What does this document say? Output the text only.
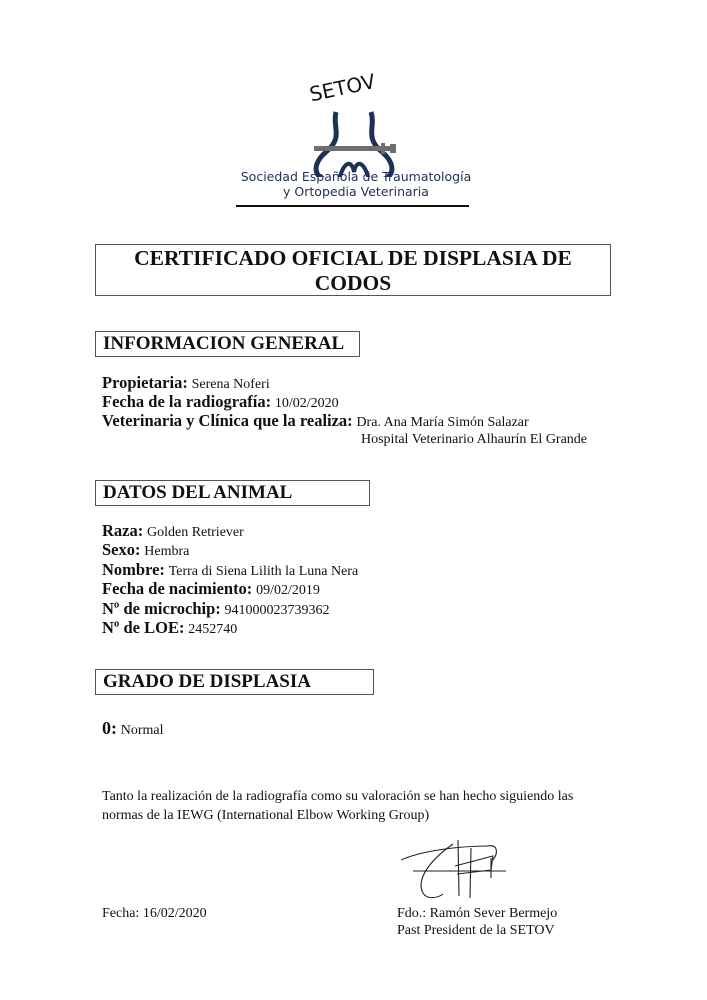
SETOV
Sociedad Española de Traumatología
y Ortopedia Veterinaria
CERTIFICADO OFICIAL DE DISPLASIA DE
CODOS
INFORMACION GENERAL
Propietaria: Serena Noferi
Fecha de la radiografía: 10/02/2020
Veterinaria y Clínica que la realiza: Dra. Ana María Simón Salazar
Hospital Veterinario Alhaurín El Grande
DATOS DEL ANIMAL
Raza: Golden Retriever
Sexo: Hembra
Nombre: Terra di Siena Lilith la Luna Nera
Fecha de nacimiento: 09/02/2019
Nº de microchip: 941000023739362
Nº de LOE: 2452740
GRADO DE DISPLASIA
0: Normal
Tanto la realización de la radiografía como su valoración se han hecho siguiendo las
normas de la IEWG (International Elbow Working Group)
Fecha: 16/02/2020	Fdo.: Ramón Sever Bermejo
Past President de la SETOV
